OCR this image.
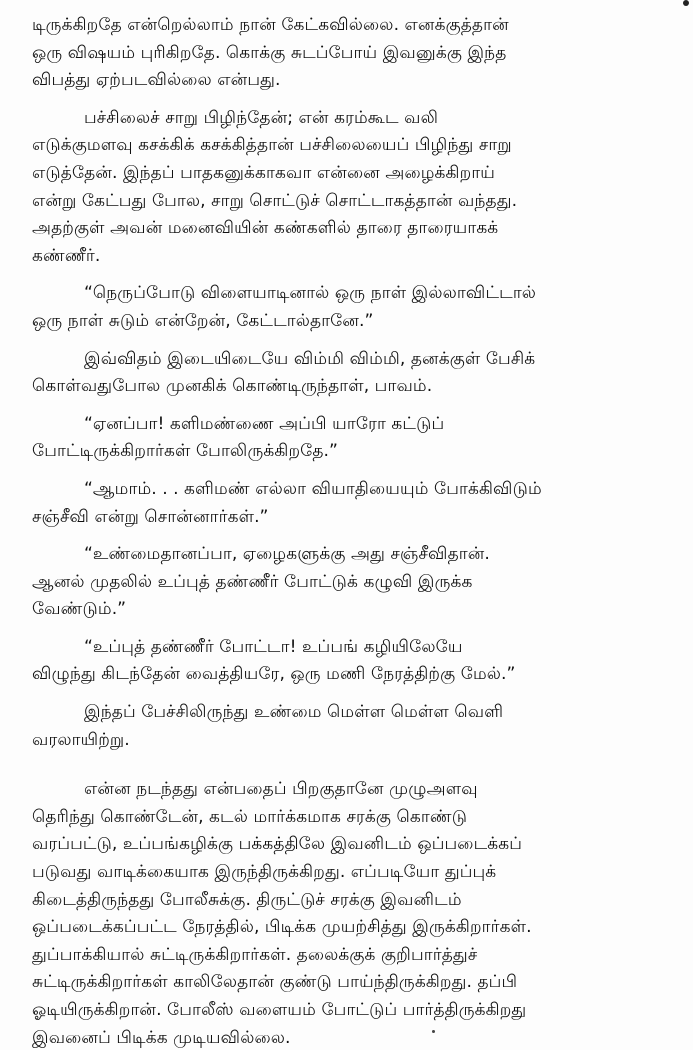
டிருக்கிறதே என்றெல்லாம் நான் கேட்கவில்லை. எனக்குத்தான்
ஒரு விஷயம் புரிகிறதே. கொக்கு சுடப்போய் இவனுக்கு இந்த
விபத்து ஏற்படவில்லை என்பது.
பச்சிலைச் சாறு பிழிந்தேன்; என் கரம்கூட வலி
எடுக்குமளவு கசக்கிக் கசக்கித்தான் பச்சிலையைப் பிழிந்து சாறு
எடுத்தேன். இந்தப் பாதகனுக்காகவா என்னை அழைக்கிறாய்
என்று கேட்பது போல, சாறு சொட்டுச் சொட்டாகத்தான் வந்தது.
அதற்குள் அவன் மனைவியின் கண்களில் தாரை தாரையாகக்
கண்ணீர்.
“நெருப்போடு விளையாடினால் ஒரு நாள் இல்லாவிட்டால்
ஒரு நாள் சுடும் என்றேன், கேட்டால்தானே.”
இவ்விதம் இடையிடையே விம்மி விம்மி, தனக்குள் பேசிக்
கொள்வதுபோல முனகிக் கொண்டிருந்தாள், பாவம்.
“ஏனப்பா! களிமண்ணை அப்பி யாரோ கட்டுப்
போட்டிருக்கிறார்கள் போலிருக்கிறதே.”
“ஆமாம். . . களிமண் எல்லா வியாதியையும் போக்கிவிடும்
சஞ்சீவி என்று சொன்னார்கள்.”
“உண்மைதானப்பா, ஏழைகளுக்கு அது சஞ்சீவிதான்.
ஆனல் முதலில் உப்புத் தண்ணீர் போட்டுக் கழுவி இருக்க
வேண்டும்.”
“உப்புத் தண்ணீர் போட்டா! உப்பங் கழியிலேயே
விழுந்து கிடந்தேன் வைத்தியரே, ஒரு மணி நேரத்திற்கு மேல்.”
இந்தப் பேச்சிலிருந்து உண்மை மெள்ள மெள்ள வெளி
வரலாயிற்று.
என்ன நடந்தது என்பதைப் பிறகுதானே முழுஅளவு
தெரிந்து கொண்டேன், கடல் மார்க்கமாக சரக்கு கொண்டு
வரப்பட்டு, உப்பங்கழிக்கு பக்கத்திலே இவனிடம் ஒப்படைக்கப்
படுவது வாடிக்கையாக இருந்திருக்கிறது. எப்படியோ துப்புக்
கிடைத்திருந்தது போலீசுக்கு. திருட்டுச் சரக்கு இவனிடம்
ஒப்படைக்கப்பட்ட நேரத்தில், பிடிக்க முயற்சித்து இருக்கிறார்கள்.
துப்பாக்கியால் சுட்டிருக்கிறார்கள். தலைக்குக் குறிபார்த்துச்
சுட்டிருக்கிறார்கள் காலிலேதான் குண்டு பாய்ந்திருக்கிறது. தப்பி
ஓடியிருக்கிறான். போலீஸ் வளையம் போட்டுப் பார்த்திருக்கிறது
இவனைப் பிடிக்க முடியவில்லை.
